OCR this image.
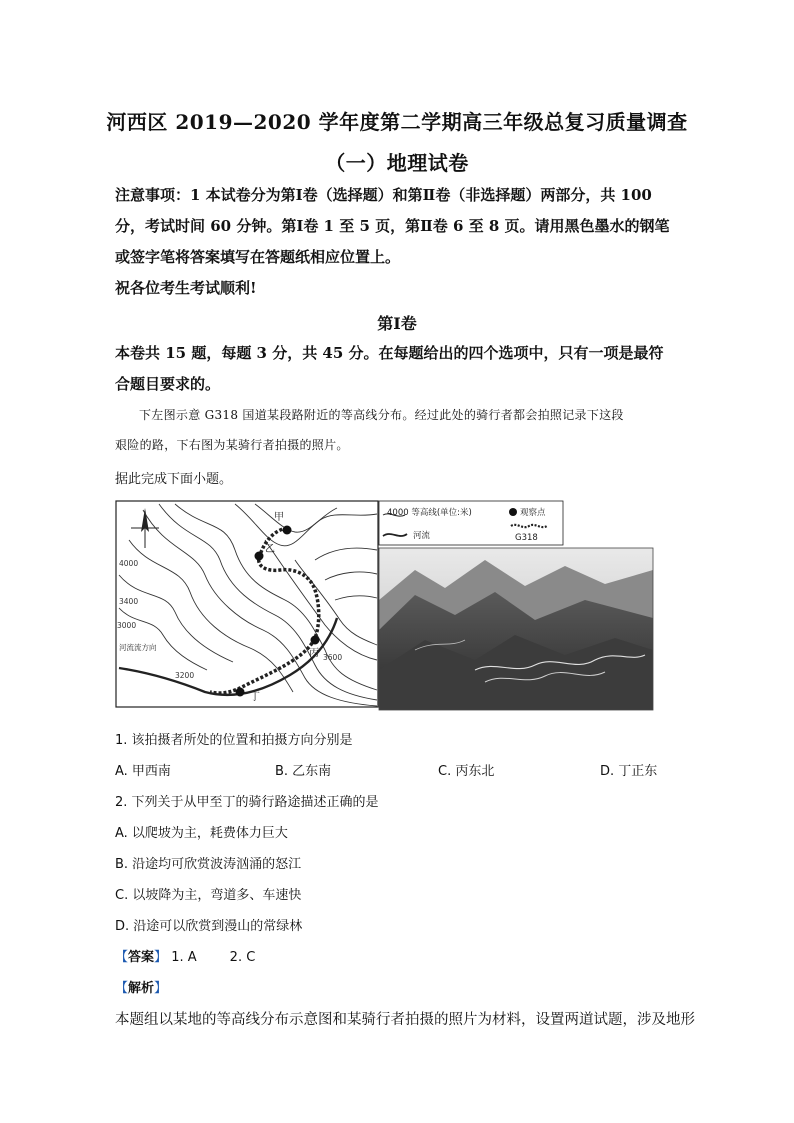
河西区 2019—2020 学年度第二学期高三年级总复习质量调查
（一）地理试卷
注意事项：1 本试卷分为第Ⅰ卷（选择题）和第Ⅱ卷（非选择题）两部分，共 100
分，考试时间 60 分钟。第Ⅰ卷 1 至 5 页，第Ⅱ卷 6 至 8 页。请用黑色墨水的钢笔
或签字笔将答案填写在答题纸相应位置上。
祝各位考生考试顺利!
第Ⅰ卷
本卷共 15 题，每题 3 分，共 45 分。在每题给出的四个选项中，只有一项是最符
合题目要求的。
下左图示意 G318 国道某段路附近的等高线分布。经过此处的骑行者都会拍照记录下这段
艰险的路，下右图为某骑行者拍摄的照片。
据此完成下面小题。
甲
乙
丙
丁
4000
3400
3000
3600
3200
河流流方向
4000 等高线(单位:米)	观察点
河流	G318
1. 该拍摄者所处的位置和拍摄方向分别是
A. 甲西南	B. 乙东南	C. 丙东北	D. 丁正东
2. 下列关于从甲至丁的骑行路途描述正确的是
A. 以爬坡为主，耗费体力巨大
B. 沿途均可欣赏波涛汹涌的怒江
C. 以坡降为主，弯道多、车速快
D. 沿途可以欣赏到漫山的常绿林
【答案】 1. A        2. C
【解析】
本题组以某地的等高线分布示意图和某骑行者拍摄的照片为材料，设置两道试题，涉及地形
